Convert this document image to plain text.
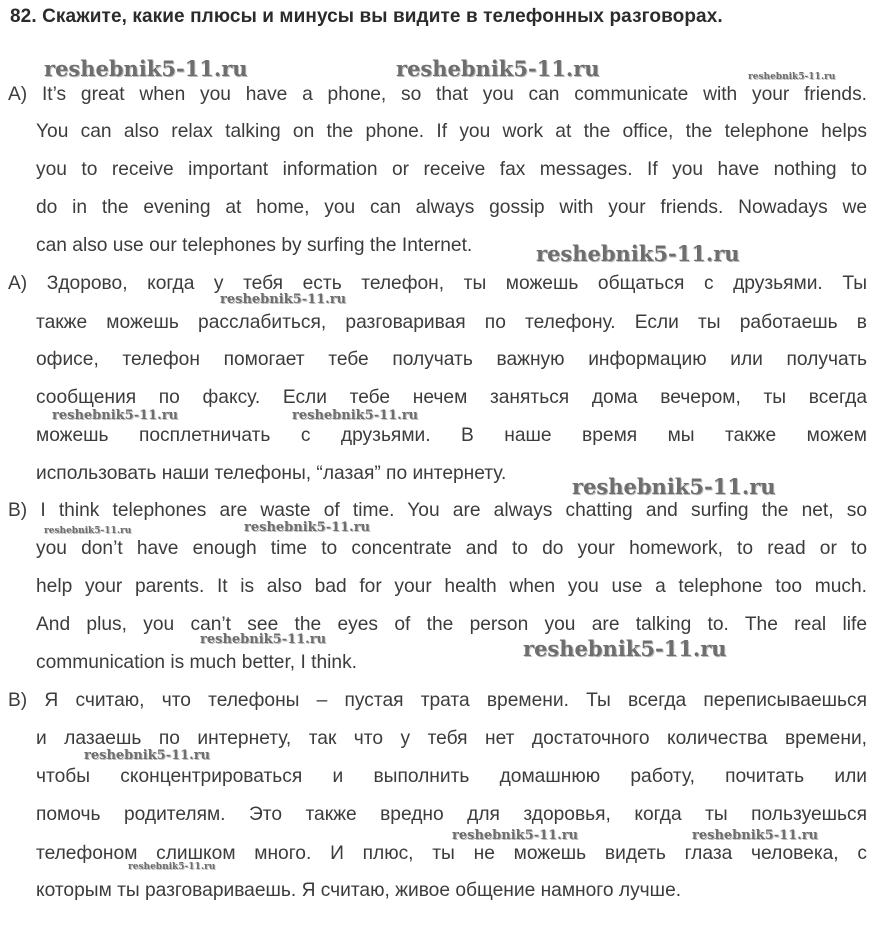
82. Скажите, какие плюсы и минусы вы видите в телефонных разговорах.
A) It’s great when you have a phone, so that you can communicate with your friends.
You can also relax talking on the phone. If you work at the office, the telephone helps
you to receive important information or receive fax messages. If you have nothing to
do in the evening at home, you can always gossip with your friends. Nowadays we
can also use our telephones by surfing the Internet.
А) Здорово, когда у тебя есть телефон, ты можешь общаться с друзьями. Ты
также можешь расслабиться, разговаривая по телефону. Если ты работаешь в
офисе, телефон помогает тебе получать важную информацию или получать
сообщения по факсу. Если тебе нечем заняться дома вечером, ты всегда
можешь посплетничать с друзьями. В наше время мы также можем
использовать наши телефоны, “лазая” по интернету.
B) I think telephones are waste of time. You are always chatting and surfing the net, so
you don’t have enough time to concentrate and to do your homework, to read or to
help your parents. It is also bad for your health when you use a telephone too much.
And plus, you can’t see the eyes of the person you are talking to. The real life
communication is much better, I think.
В) Я считаю, что телефоны – пустая трата времени. Ты всегда переписываешься
и лазаешь по интернету, так что у тебя нет достаточного количества времени,
чтобы сконцентрироваться и выполнить домашнюю работу, почитать или
помочь родителям. Это также вредно для здоровья, когда ты пользуешься
телефоном слишком много. И плюс, ты не можешь видеть глаза человека, с
которым ты разговариваешь. Я считаю, живое общение намного лучше.
reshebnik5-11.ru	reshebnik5-11.ru	reshebnik5-11.ru
reshebnik5-11.ru
reshebnik5-11.ru
reshebnik5-11.ru	reshebnik5-11.ru
reshebnik5-11.ru
reshebnik5-11.ru	reshebnik5-11.ru
reshebnik5-11.ru	reshebnik5-11.ru
reshebnik5-11.ru
reshebnik5-11.ru	reshebnik5-11.ru
reshebnik5-11.ru
